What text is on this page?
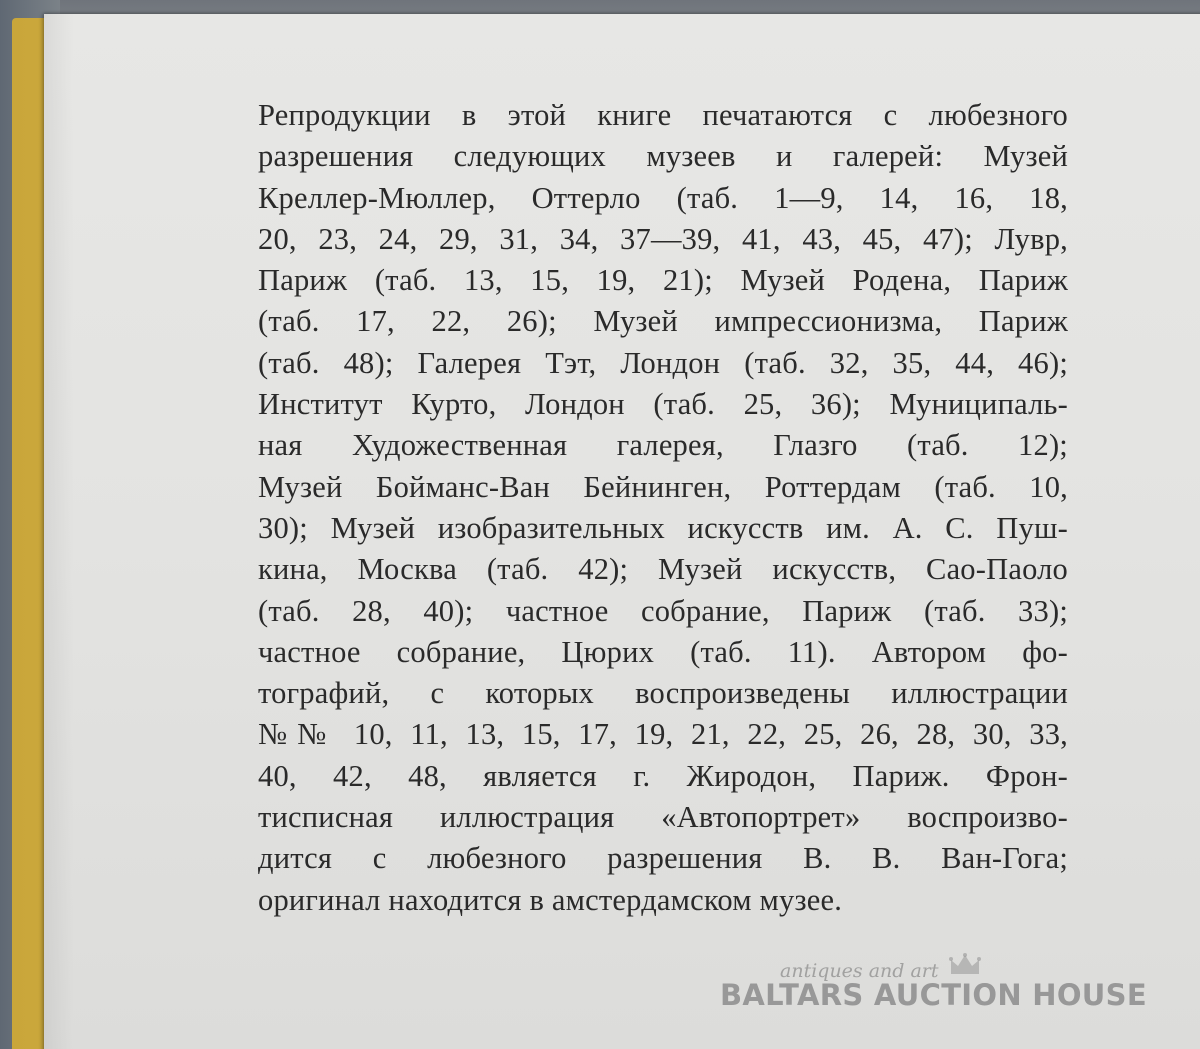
Репродукции в этой книге печатаются с любезного
разрешения следующих музеев и галерей: Музей
Креллер-Мюллер, Оттерло (таб. 1—9, 14, 16, 18,
20, 23, 24, 29, 31, 34, 37—39, 41, 43, 45, 47); Лувр,
Париж (таб. 13, 15, 19, 21); Музей Родена, Париж
(таб. 17, 22, 26); Музей импрессионизма, Париж
(таб. 48); Галерея Тэт, Лондон (таб. 32, 35, 44, 46);
Институт Курто, Лондон (таб. 25, 36); Муниципаль-
ная Художественная галерея, Глазго (таб. 12);
Музей Бойманс-Ван Бейнинген, Роттердам (таб. 10,
30); Музей изобразительных искусств им. А. С. Пуш-
кина, Москва (таб. 42); Музей искусств, Сао-Паоло
(таб. 28, 40); частное собрание, Париж (таб. 33);
частное собрание, Цюрих (таб. 11). Автором фо-
тографий, с которых воспроизведены иллюстрации
№№ 10, 11, 13, 15, 17, 19, 21, 22, 25, 26, 28, 30, 33,
40, 42, 48, является г. Жиродон, Париж. Фрон-
тисписная иллюстрация «Автопортрет» воспроизво-
дится с любезного разрешения В. В. Ван-Гога;
оригинал находится в амстердамском музее.

antiques and art
BALTARS AUCTION HOUSE
